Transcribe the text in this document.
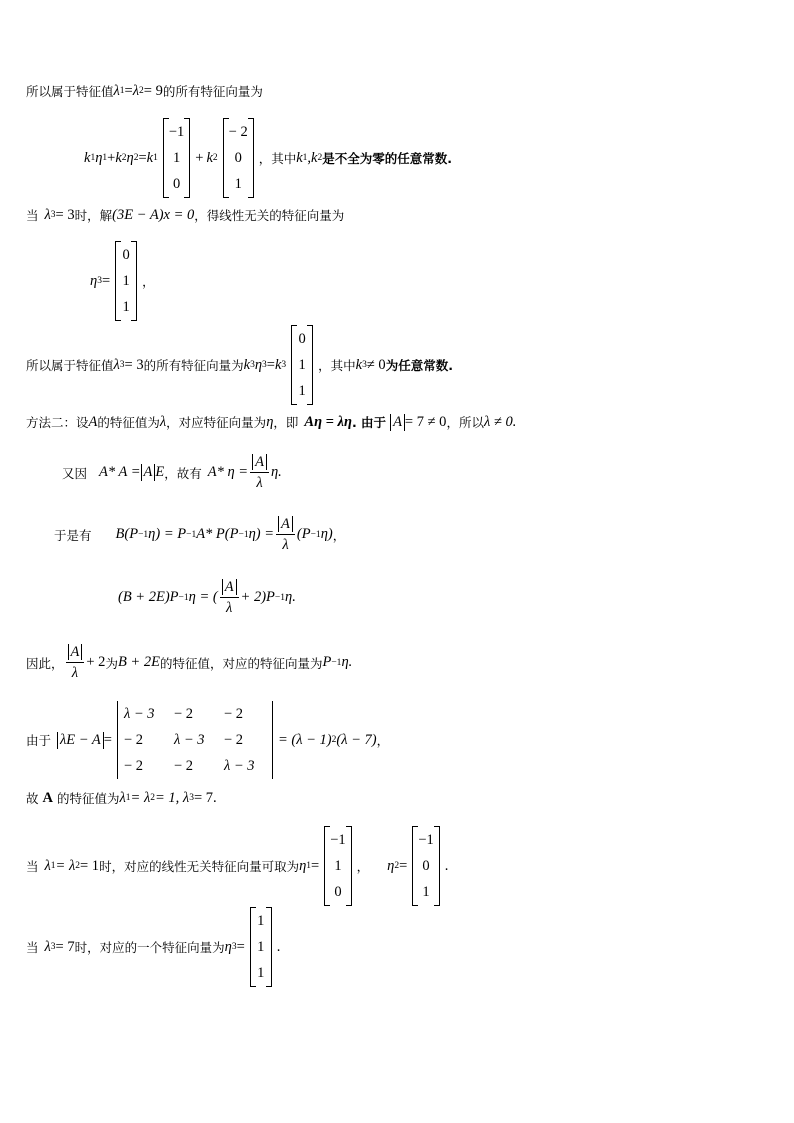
所以属于特征值 λ 1 = λ 2 = 9 的所有特征向量为
k 1 η 1 + k 2 η 2 = k 1
−1
1
0
+ k 2
− 2
0
1
，其中 k 1 , k 2 是不全为零的任意常数.
当 λ 3 = 3 时，解 (3E − A)x = 0 ，得线性无关的特征向量为
η 3 =
0
1
1
，
所以属于特征值 λ 3 = 3 的所有特征向量为 k 3 η 3 = k 3
0
1
1
，其中 k 3 ≠ 0 为任意常数.
方法二：设 A 的特征值为 λ ，对应特征向量为 η ，即 Aη = λη . 由于 A = 7 ≠ 0 ，所以 λ ≠ 0.
又因 A* A = A E ，故有 A* $\eta = \frac{A}{\lambda} \eta$.
于是有 B(P −1 η) = P −1 A* P(P −1 $\eta) = \frac{A}{\lambda} (P -1$ η) ，
(B + 2E)P −1 η = ( $\frac{A}{\lambda} + 2)P -1$ η.
因此， $\frac{A}{\lambda} + 2$ 为 B + 2E 的特征值，对应的特征向量为 P −1 η.
由于 λE − A =
λ − 3	− 2	− 2
− 2	λ − 3	− 2
− 2	− 2	λ − 3
= (λ − 1) 2 (λ − 7) ，
故 A 的特征值为 λ 1 = λ 2 = 1, λ 3 = 7.
当 λ 1 = λ 2 = 1 时，对应的线性无关特征向量可取为 η 1 =
−1
1
0
， η 2 =
−1
0
1
.
当 λ 3 = 7 时，对应的一个特征向量为 η 3 =
1
1
1
.
